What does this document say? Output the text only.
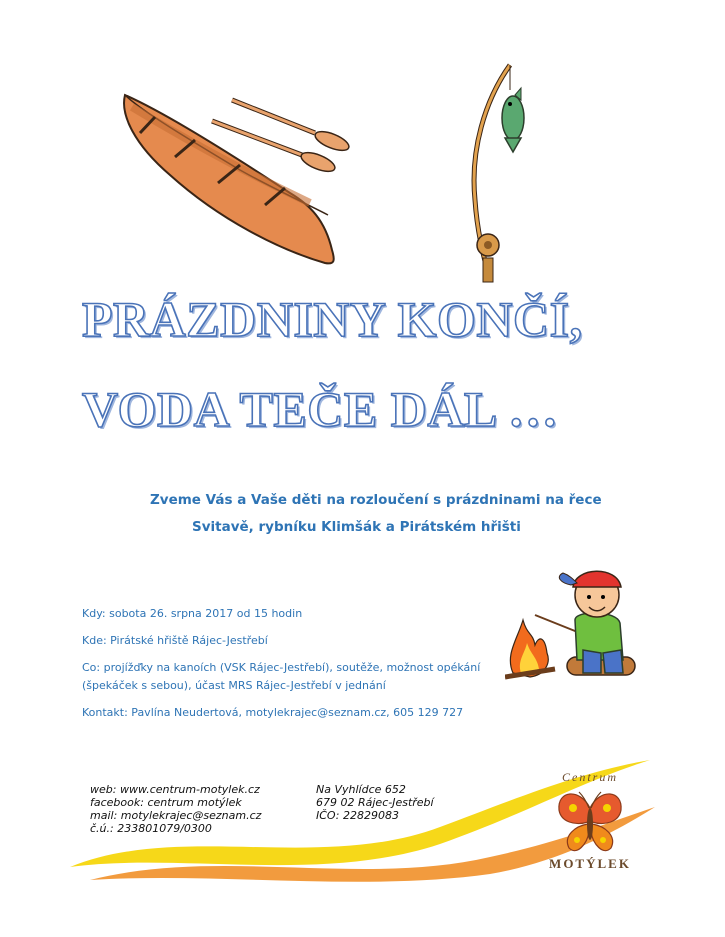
PRÁZDNINY KONČÍ,
VODA TEČE DÁL …
Zveme Vás a Vaše děti na rozloučení s prázdninami na řece
Svitavě, rybníku Klimšák a Pirátském hřišti
Kdy: sobota 26. srpna 2017 od 15 hodin
Kde: Pirátské hřiště Rájec-Jestřebí
Co: projížďky na kanoích (VSK Rájec-Jestřebí), soutěže, možnost opékání
(špekáček s sebou), účast MRS Rájec-Jestřebí v jednání
Kontakt: Pavlína Neudertová, motylekrajec@seznam.cz, 605 129 727
web: www.centrum-motylek.cz
facebook: centrum motýlek
mail: motylekrajec@seznam.cz
č.ú.: 233801079/0300
Na Vyhlídce 652
679 02 Rájec-Jestřebí
IČO: 22829083
Centrum
MOTÝLEK
